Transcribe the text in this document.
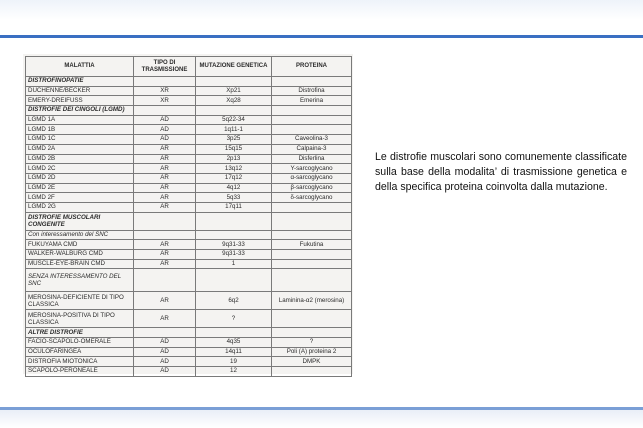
MALATTIA	TIPO DI TRASMISSIONE	MUTAZIONE GENETICA	PROTEINA
DISTROFINOPATIE			
DUCHENNE/BECKER	XR	Xp21	Distrofina
EMERY-DREIFUSS	XR	Xq28	Emerina
DISTROFIE DEI CINGOLI (LGMD)			
LGMD 1A	AD	5q22-34	
LGMD 1B	AD	1q11-1	
LGMD 1C	AD	3p25	Caveolina-3
LGMD 2A	AR	15q15	Calpaina-3
LGMD 2B	AR	2p13	Disferlina
LGMD 2C	AR	13q12	Y-sarcoglycano
LGMD 2D	AR	17q12	α-sarcoglycano
LGMD 2E	AR	4q12	β-sarcoglycano
LGMD 2F	AR	5q33	δ-sarcoglycano
LGMD 2G	AR	17q11	
DISTROFIE MUSCOLARI CONGENITE			
Con interessamento del SNC			
FUKUYAMA CMD	AR	9q31-33	Fukutina
WALKER-WALBURG CMD	AR	9q31-33	
MUSCLE-EYE-BRAIN CMD	AR	1	
SENZA INTERESSAMENTO DEL SNC			
MEROSINA-DEFICIENTE DI TIPO CLASSICA	AR	6q2	Laminina-α2 (merosina)
MEROSINA-POSITIVA DI TIPO CLASSICA	AR	?	
ALTRE DISTROFIE			
FACIO-SCAPOLO-OMERALE	AD	4q35	?
OCULOFARINGEA	AD	14q11	Poli (A) proteina 2
DISTROFIA MIOTONICA	AD	19	DMPK
SCAPOLO-PERONEALE	AD	12	
Le distrofie muscolari sono comunemente classificate sulla base della modalita’ di trasmissione genetica e della specifica proteina coinvolta dalla mutazione.
